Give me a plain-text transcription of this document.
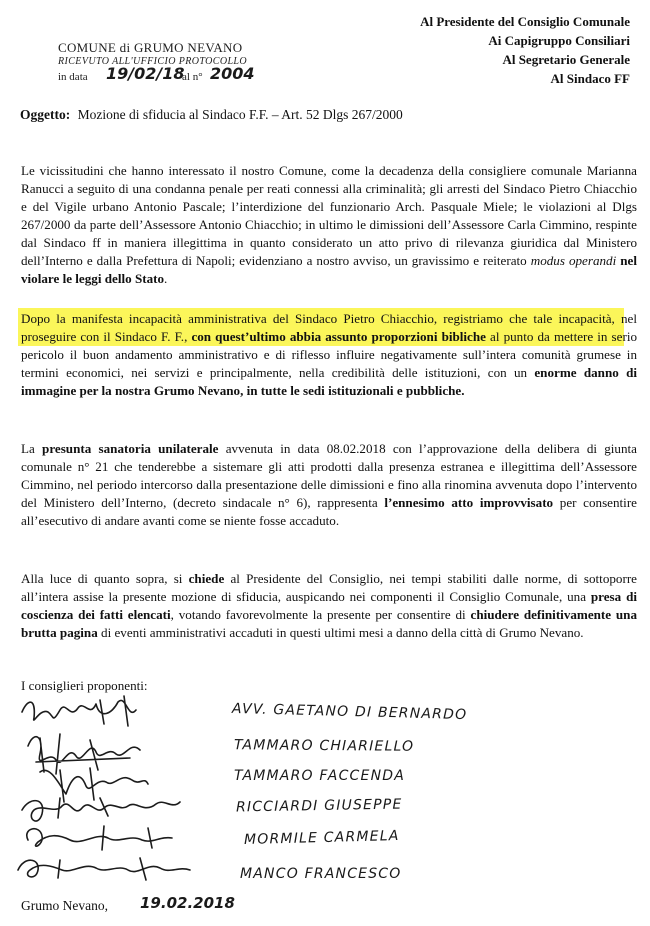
COMUNE di GRUMO NEVANO
RICEVUTO ALL'UFFICIO PROTOCOLLO
in data 19/02/18
al n° 2004
Al Presidente del Consiglio Comunale
Ai Capigruppo Consiliari
Al Segretario Generale
Al Sindaco FF
Oggetto: Mozione di sfiducia al Sindaco F.F. – Art. 52 Dlgs 267/2000

Le vicissitudini che hanno interessato il nostro Comune, come la decadenza della consigliere comunale Marianna Ranucci a seguito di una condanna penale per reati connessi alla criminalità; gli arresti del Sindaco Pietro Chiacchio e del Vigile urbano Antonio Pascale; l’interdizione del funzionario Arch. Pasquale Miele; le violazioni al Dlgs 267/2000 da parte dell’Assessore Antonio Chiacchio; in ultimo le dimissioni dell’Assessore Carla Cimmino, respinte dal Sindaco ff in maniera illegittima in quanto considerato un atto privo di rilevanza giuridica dal Ministero dell’Interno e dalla Prefettura di Napoli; evidenziano a nostro avviso, un gravissimo e reiterato modus operandi nel violare le leggi dello Stato.

Dopo la manifesta incapacità amministrativa del Sindaco Pietro Chiacchio, registriamo che tale incapacità, nel proseguire con il Sindaco F. F., con quest’ultimo abbia assunto proporzioni bibliche al punto da mettere in serio pericolo il buon andamento amministrativo e di riflesso influire negativamente sull’intera comunità grumese in termini economici, nei servizi e principalmente, nella credibilità delle istituzioni, con un enorme danno di immagine per la nostra Grumo Nevano, in tutte le sedi istituzionali e pubbliche.

La presunta sanatoria unilaterale avvenuta in data 08.02.2018 con l’approvazione della delibera di giunta comunale n° 21 che tenderebbe a sistemare gli atti prodotti dalla presenza estranea e illegittima dell’Assessore Cimmino, nel periodo intercorso dalla presentazione delle dimissioni e fino alla rinomina avvenuta dopo l’intervento del Ministero dell’Interno, (decreto sindacale n° 6), rappresenta l’ennesimo atto improvvisato per consentire all’esecutivo di andare avanti come se niente fosse accaduto.

Alla luce di quanto sopra, si chiede al Presidente del Consiglio, nei tempi stabiliti dalle norme, di sottoporre all’intera assise la presente mozione di sfiducia, auspicando nei componenti il Consiglio Comunale, una presa di coscienza dei fatti elencati, votando favorevolmente la presente per consentire di chiudere definitivamente una brutta pagina di eventi amministrativi accaduti in questi ultimi mesi a danno della città di Grumo Nevano.

I consiglieri proponenti:
AVV. GAETANO DI BERNARDO
TAMMARO CHIARIELLO
TAMMARO FACCENDA
RICCIARDI GIUSEPPE
MORMILE CARMELA
MANCO FRANCESCO
Grumo Nevano, 19.02.2018
